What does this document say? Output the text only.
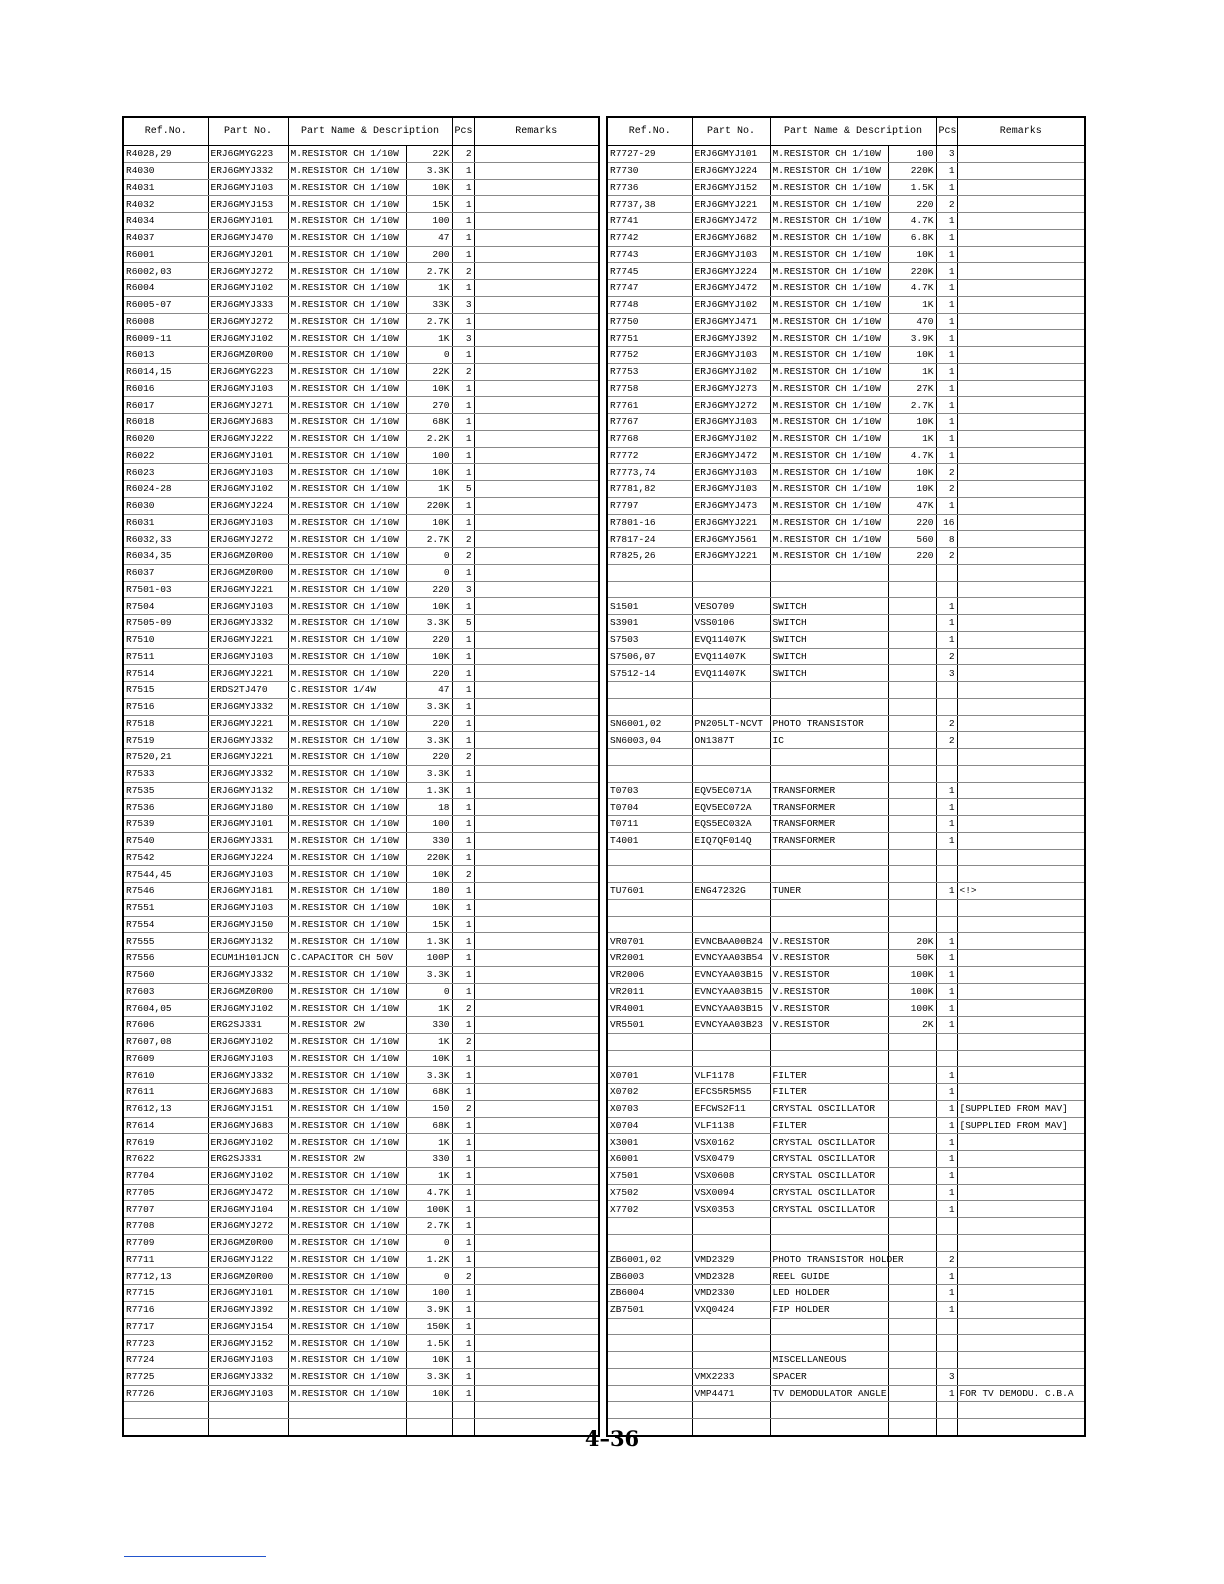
Ref.No.	Part No.	Part Name & Description		Pcs	Remarks
R4028,29	ERJ6GMYG223	M.RESISTOR CH 1/10W	22K	2	
R4030	ERJ6GMYJ332	M.RESISTOR CH 1/10W	3.3K	1	
R4031	ERJ6GMYJ103	M.RESISTOR CH 1/10W	10K	1	
R4032	ERJ6GMYJ153	M.RESISTOR CH 1/10W	15K	1	
R4034	ERJ6GMYJ101	M.RESISTOR CH 1/10W	100	1	
R4037	ERJ6GMYJ470	M.RESISTOR CH 1/10W	47	1	
R6001	ERJ6GMYJ201	M.RESISTOR CH 1/10W	200	1	
R6002,03	ERJ6GMYJ272	M.RESISTOR CH 1/10W	2.7K	2	
R6004	ERJ6GMYJ102	M.RESISTOR CH 1/10W	1K	1	
R6005-07	ERJ6GMYJ333	M.RESISTOR CH 1/10W	33K	3	
R6008	ERJ6GMYJ272	M.RESISTOR CH 1/10W	2.7K	1	
R6009-11	ERJ6GMYJ102	M.RESISTOR CH 1/10W	1K	3	
R6013	ERJ6GMZ0R00	M.RESISTOR CH 1/10W	0	1	
R6014,15	ERJ6GMYG223	M.RESISTOR CH 1/10W	22K	2	
R6016	ERJ6GMYJ103	M.RESISTOR CH 1/10W	10K	1	
R6017	ERJ6GMYJ271	M.RESISTOR CH 1/10W	270	1	
R6018	ERJ6GMYJ683	M.RESISTOR CH 1/10W	68K	1	
R6020	ERJ6GMYJ222	M.RESISTOR CH 1/10W	2.2K	1	
R6022	ERJ6GMYJ101	M.RESISTOR CH 1/10W	100	1	
R6023	ERJ6GMYJ103	M.RESISTOR CH 1/10W	10K	1	
R6024-28	ERJ6GMYJ102	M.RESISTOR CH 1/10W	1K	5	
R6030	ERJ6GMYJ224	M.RESISTOR CH 1/10W	220K	1	
R6031	ERJ6GMYJ103	M.RESISTOR CH 1/10W	10K	1	
R6032,33	ERJ6GMYJ272	M.RESISTOR CH 1/10W	2.7K	2	
R6034,35	ERJ6GMZ0R00	M.RESISTOR CH 1/10W	0	2	
R6037	ERJ6GMZ0R00	M.RESISTOR CH 1/10W	0	1	
R7501-03	ERJ6GMYJ221	M.RESISTOR CH 1/10W	220	3	
R7504	ERJ6GMYJ103	M.RESISTOR CH 1/10W	10K	1	
R7505-09	ERJ6GMYJ332	M.RESISTOR CH 1/10W	3.3K	5	
R7510	ERJ6GMYJ221	M.RESISTOR CH 1/10W	220	1	
R7511	ERJ6GMYJ103	M.RESISTOR CH 1/10W	10K	1	
R7514	ERJ6GMYJ221	M.RESISTOR CH 1/10W	220	1	
R7515	ERDS2TJ470	C.RESISTOR 1/4W	47	1	
R7516	ERJ6GMYJ332	M.RESISTOR CH 1/10W	3.3K	1	
R7518	ERJ6GMYJ221	M.RESISTOR CH 1/10W	220	1	
R7519	ERJ6GMYJ332	M.RESISTOR CH 1/10W	3.3K	1	
R7520,21	ERJ6GMYJ221	M.RESISTOR CH 1/10W	220	2	
R7533	ERJ6GMYJ332	M.RESISTOR CH 1/10W	3.3K	1	
R7535	ERJ6GMYJ132	M.RESISTOR CH 1/10W	1.3K	1	
R7536	ERJ6GMYJ180	M.RESISTOR CH 1/10W	18	1	
R7539	ERJ6GMYJ101	M.RESISTOR CH 1/10W	100	1	
R7540	ERJ6GMYJ331	M.RESISTOR CH 1/10W	330	1	
R7542	ERJ6GMYJ224	M.RESISTOR CH 1/10W	220K	1	
R7544,45	ERJ6GMYJ103	M.RESISTOR CH 1/10W	10K	2	
R7546	ERJ6GMYJ181	M.RESISTOR CH 1/10W	180	1	
R7551	ERJ6GMYJ103	M.RESISTOR CH 1/10W	10K	1	
R7554	ERJ6GMYJ150	M.RESISTOR CH 1/10W	15K	1	
R7555	ERJ6GMYJ132	M.RESISTOR CH 1/10W	1.3K	1	
R7556	ECUM1H101JCN	C.CAPACITOR CH 50V	100P	1	
R7560	ERJ6GMYJ332	M.RESISTOR CH 1/10W	3.3K	1	
R7603	ERJ6GMZ0R00	M.RESISTOR CH 1/10W	0	1	
R7604,05	ERJ6GMYJ102	M.RESISTOR CH 1/10W	1K	2	
R7606	ERG2SJ331	M.RESISTOR 2W	330	1	
R7607,08	ERJ6GMYJ102	M.RESISTOR CH 1/10W	1K	2	
R7609	ERJ6GMYJ103	M.RESISTOR CH 1/10W	10K	1	
R7610	ERJ6GMYJ332	M.RESISTOR CH 1/10W	3.3K	1	
R7611	ERJ6GMYJ683	M.RESISTOR CH 1/10W	68K	1	
R7612,13	ERJ6GMYJ151	M.RESISTOR CH 1/10W	150	2	
R7614	ERJ6GMYJ683	M.RESISTOR CH 1/10W	68K	1	
R7619	ERJ6GMYJ102	M.RESISTOR CH 1/10W	1K	1	
R7622	ERG2SJ331	M.RESISTOR 2W	330	1	
R7704	ERJ6GMYJ102	M.RESISTOR CH 1/10W	1K	1	
R7705	ERJ6GMYJ472	M.RESISTOR CH 1/10W	4.7K	1	
R7707	ERJ6GMYJ104	M.RESISTOR CH 1/10W	100K	1	
R7708	ERJ6GMYJ272	M.RESISTOR CH 1/10W	2.7K	1	
R7709	ERJ6GMZ0R00	M.RESISTOR CH 1/10W	0	1	
R7711	ERJ6GMYJ122	M.RESISTOR CH 1/10W	1.2K	1	
R7712,13	ERJ6GMZ0R00	M.RESISTOR CH 1/10W	0	2	
R7715	ERJ6GMYJ101	M.RESISTOR CH 1/10W	100	1	
R7716	ERJ6GMYJ392	M.RESISTOR CH 1/10W	3.9K	1	
R7717	ERJ6GMYJ154	M.RESISTOR CH 1/10W	150K	1	
R7723	ERJ6GMYJ152	M.RESISTOR CH 1/10W	1.5K	1	
R7724	ERJ6GMYJ103	M.RESISTOR CH 1/10W	10K	1	
R7725	ERJ6GMYJ332	M.RESISTOR CH 1/10W	3.3K	1	
R7726	ERJ6GMYJ103	M.RESISTOR CH 1/10W	10K	1	

Ref.No.	Part No.	Part Name & Description		Pcs	Remarks
R7727-29	ERJ6GMYJ101	M.RESISTOR CH 1/10W	100	3	
R7730	ERJ6GMYJ224	M.RESISTOR CH 1/10W	220K	1	
R7736	ERJ6GMYJ152	M.RESISTOR CH 1/10W	1.5K	1	
R7737,38	ERJ6GMYJ221	M.RESISTOR CH 1/10W	220	2	
R7741	ERJ6GMYJ472	M.RESISTOR CH 1/10W	4.7K	1	
R7742	ERJ6GMYJ682	M.RESISTOR CH 1/10W	6.8K	1	
R7743	ERJ6GMYJ103	M.RESISTOR CH 1/10W	10K	1	
R7745	ERJ6GMYJ224	M.RESISTOR CH 1/10W	220K	1	
R7747	ERJ6GMYJ472	M.RESISTOR CH 1/10W	4.7K	1	
R7748	ERJ6GMYJ102	M.RESISTOR CH 1/10W	1K	1	
R7750	ERJ6GMYJ471	M.RESISTOR CH 1/10W	470	1	
R7751	ERJ6GMYJ392	M.RESISTOR CH 1/10W	3.9K	1	
R7752	ERJ6GMYJ103	M.RESISTOR CH 1/10W	10K	1	
R7753	ERJ6GMYJ102	M.RESISTOR CH 1/10W	1K	1	
R7758	ERJ6GMYJ273	M.RESISTOR CH 1/10W	27K	1	
R7761	ERJ6GMYJ272	M.RESISTOR CH 1/10W	2.7K	1	
R7767	ERJ6GMYJ103	M.RESISTOR CH 1/10W	10K	1	
R7768	ERJ6GMYJ102	M.RESISTOR CH 1/10W	1K	1	
R7772	ERJ6GMYJ472	M.RESISTOR CH 1/10W	4.7K	1	
R7773,74	ERJ6GMYJ103	M.RESISTOR CH 1/10W	10K	2	
R7781,82	ERJ6GMYJ103	M.RESISTOR CH 1/10W	10K	2	
R7797	ERJ6GMYJ473	M.RESISTOR CH 1/10W	47K	1	
R7801-16	ERJ6GMYJ221	M.RESISTOR CH 1/10W	220	16	
R7817-24	ERJ6GMYJ561	M.RESISTOR CH 1/10W	560	8	
R7825,26	ERJ6GMYJ221	M.RESISTOR CH 1/10W	220	2	

S1501	VESO709	SWITCH		1	
S3901	VSS0106	SWITCH		1	
S7503	EVQ11407K	SWITCH		1	
S7506,07	EVQ11407K	SWITCH		2	
S7512-14	EVQ11407K	SWITCH		3	

SN6001,02	PN205LT-NCVT	PHOTO TRANSISTOR		2	
SN6003,04	ON1387T	IC		2	

T0703	EQV5EC071A	TRANSFORMER		1	
T0704	EQV5EC072A	TRANSFORMER		1	
T0711	EQS5EC032A	TRANSFORMER		1	
T4001	EIQ7QF014Q	TRANSFORMER		1	

TU7601	ENG47232G	TUNER		1	<!>

VR0701	EVNCBAA00B24	V.RESISTOR	20K	1	
VR2001	EVNCYAA03B54	V.RESISTOR	50K	1	
VR2006	EVNCYAA03B15	V.RESISTOR	100K	1	
VR2011	EVNCYAA03B15	V.RESISTOR	100K	1	
VR4001	EVNCYAA03B15	V.RESISTOR	100K	1	
VR5501	EVNCYAA03B23	V.RESISTOR	2K	1	

X0701	VLF1178	FILTER		1	
X0702	EFCS5R5MS5	FILTER		1	
X0703	EFCWS2F11	CRYSTAL OSCILLATOR		1	[SUPPLIED FROM MAV]
X0704	VLF1138	FILTER		1	[SUPPLIED FROM MAV]
X3001	VSX0162	CRYSTAL OSCILLATOR		1	
X6001	VSX0479	CRYSTAL OSCILLATOR		1	
X7501	VSX0608	CRYSTAL OSCILLATOR		1	
X7502	VSX0094	CRYSTAL OSCILLATOR		1	
X7702	VSX0353	CRYSTAL OSCILLATOR		1	

ZB6001,02	VMD2329	PHOTO TRANSISTOR HOLDER		2	
ZB6003	VMD2328	REEL GUIDE		1	
ZB6004	VMD2330	LED HOLDER		1	
ZB7501	VXQ0424	FIP HOLDER		1	

		MISCELLANEOUS			
	VMX2233	SPACER		3	
	VMP4471	TV DEMODULATOR ANGLE		1	FOR TV DEMODU. C.B.A

4–36
